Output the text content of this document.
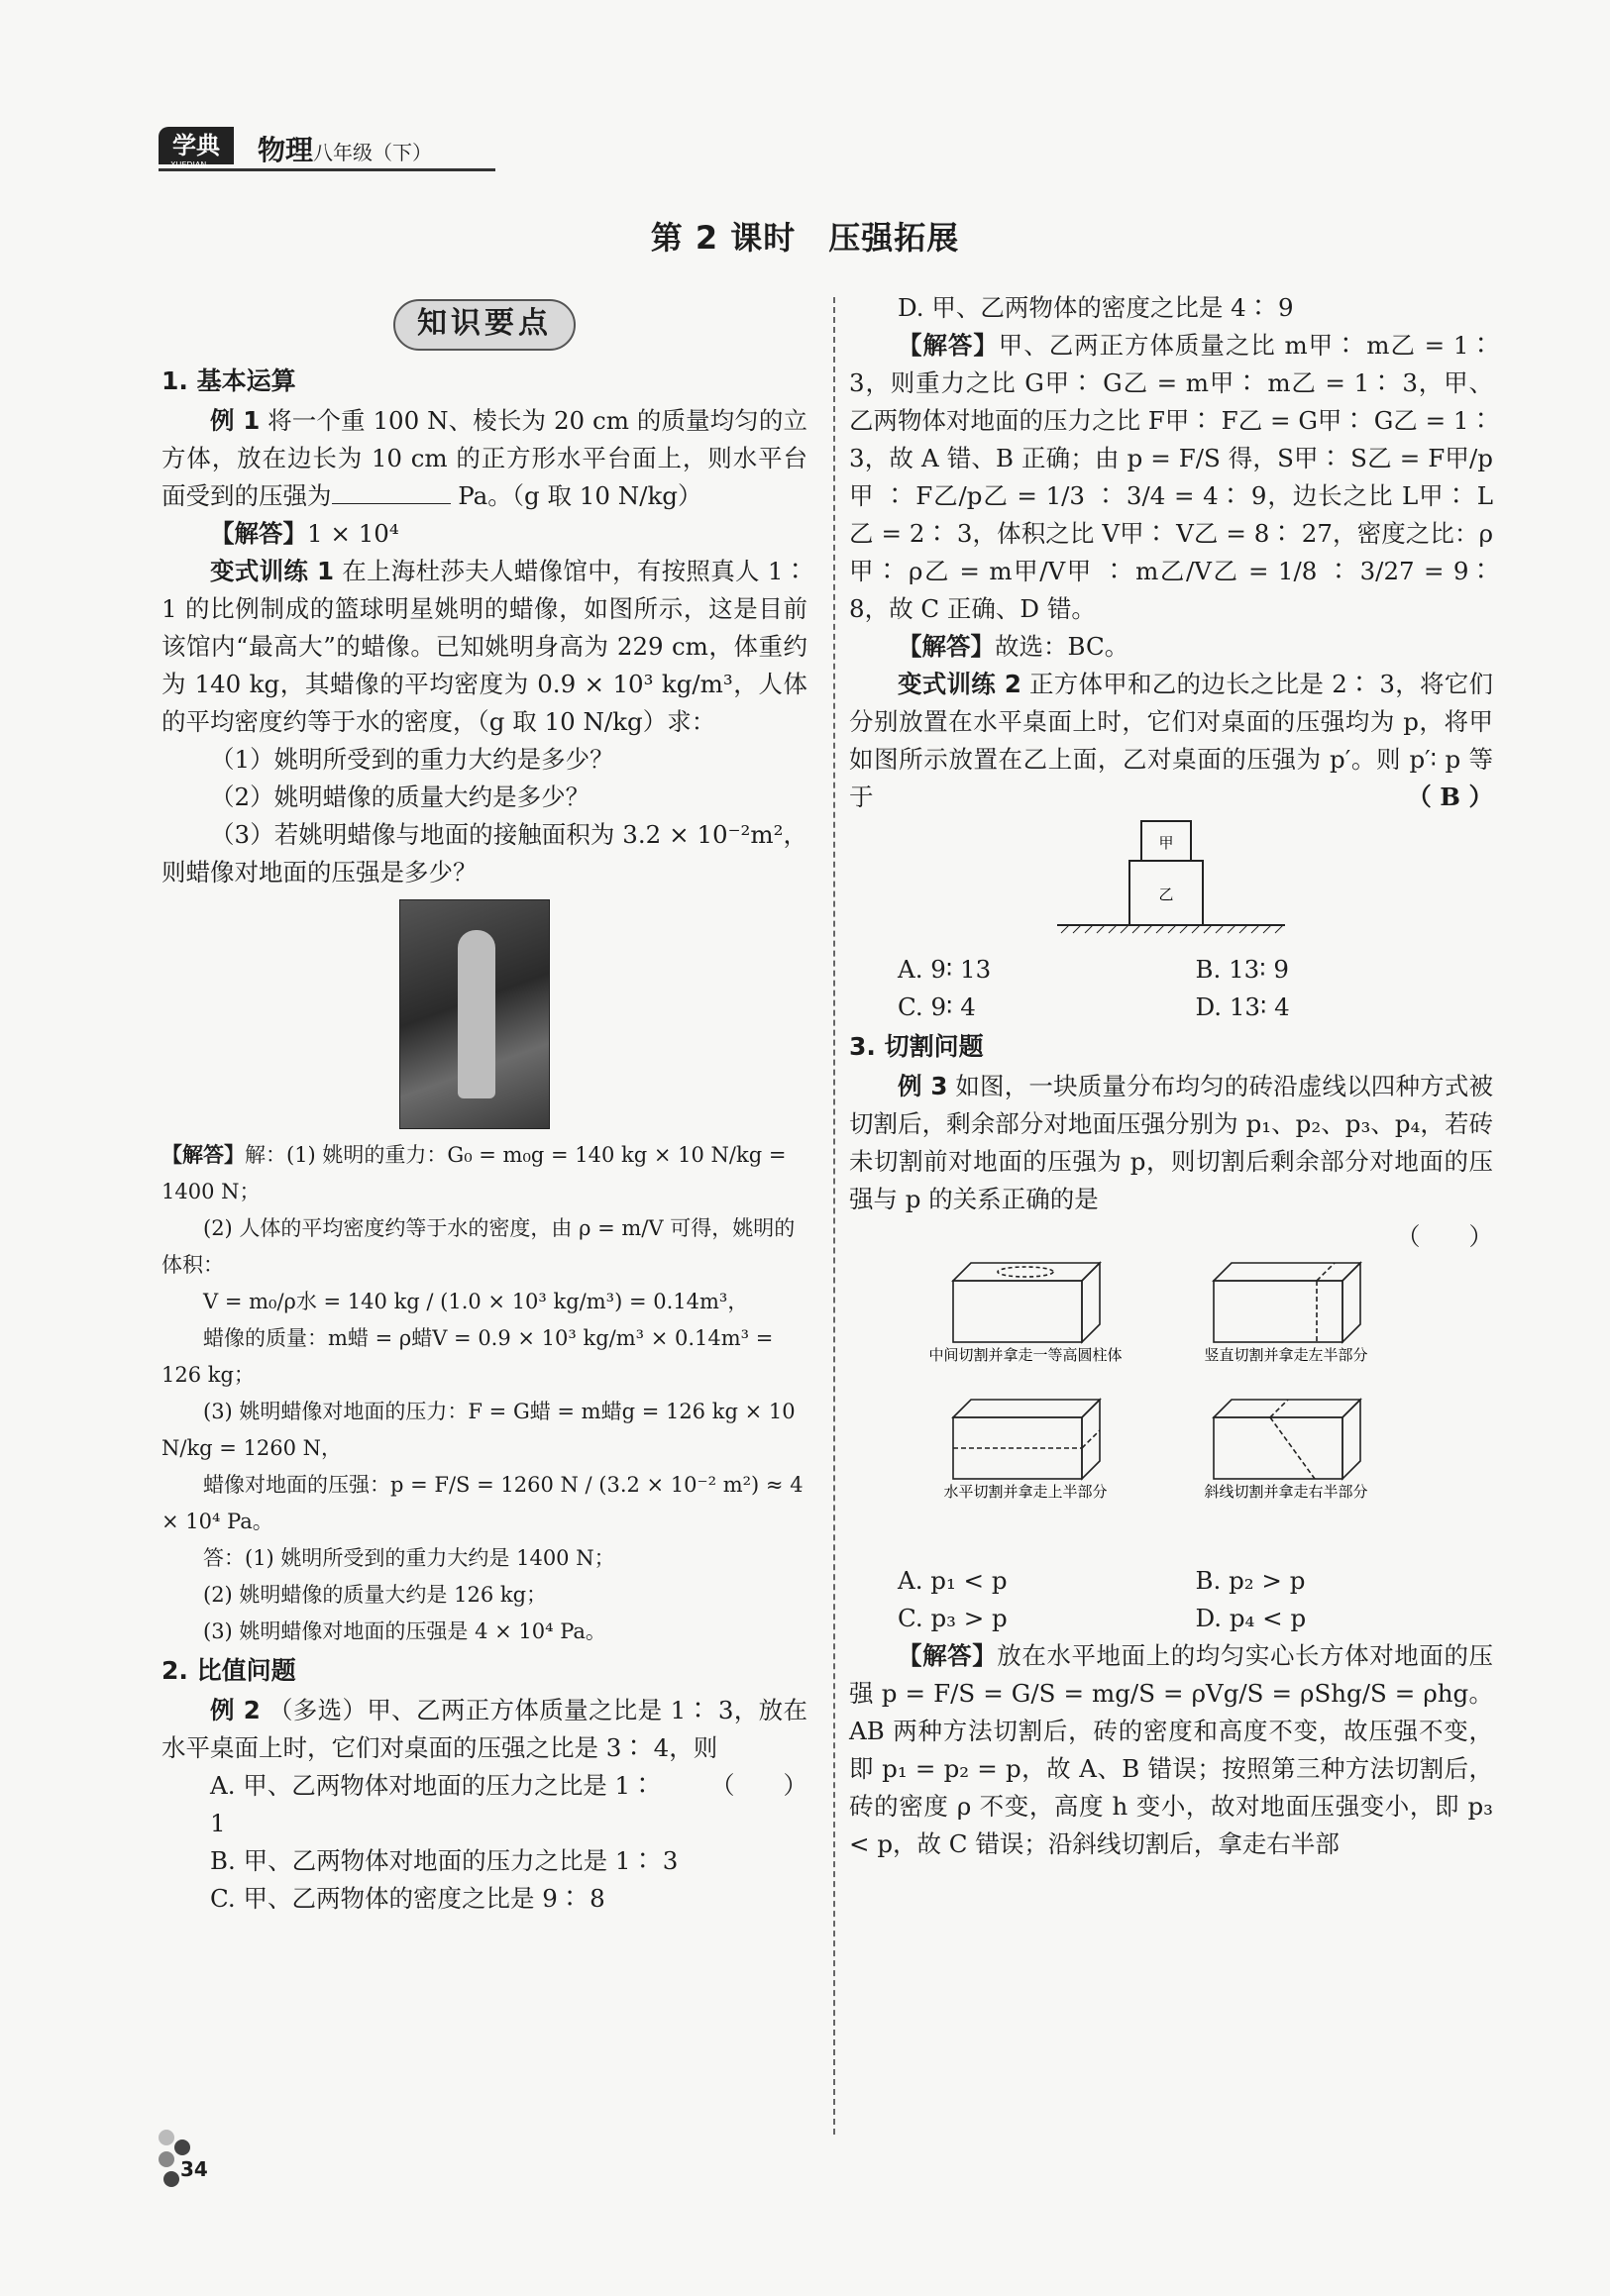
学典
XUEDIAN 物理八年级（下）
第 2 课时　压强拓展
知识要点
1. 基本运算

例 1 将一个重 100 N、棱长为 20 cm 的质量均匀的立方体，放在边长为 10 cm 的正方形水平台面上，则水平台面受到的压强为	Pa。（g 取 10 N/kg）

【解答】1 × 10⁴

变式训练 1 在上海杜莎夫人蜡像馆中，有按照真人 1∶ 1 的比例制成的篮球明星姚明的蜡像，如图所示，这是目前该馆内“最高大”的蜡像。已知姚明身高为 229 cm，体重约为 140 kg，其蜡像的平均密度为 0.9 × 10³ kg/m³，人体的平均密度约等于水的密度，（g 取 10 N/kg）求：

（1）姚明所受到的重力大约是多少？

（2）姚明蜡像的质量大约是多少？

（3）若姚明蜡像与地面的接触面积为 3.2 × 10⁻²m²，则蜡像对地面的压强是多少？

【解答】解：(1) 姚明的重力：G₀ = m₀g = 140 kg × 10 N/kg = 1400 N；

(2) 人体的平均密度约等于水的密度，由 ρ = m/V 可得，姚明的体积：

V = m₀/ρ水 = 140 kg / (1.0 × 10³ kg/m³) = 0.14m³，

蜡像的质量：m蜡 = ρ蜡V = 0.9 × 10³ kg/m³ × 0.14m³ = 126 kg；

(3) 姚明蜡像对地面的压力：F = G蜡 = m蜡g = 126 kg × 10 N/kg = 1260 N，

蜡像对地面的压强：p = F/S = 1260 N / (3.2 × 10⁻² m²) ≈ 4 × 10⁴ Pa。

答：(1) 姚明所受到的重力大约是 1400 N；

(2) 姚明蜡像的质量大约是 126 kg；

(3) 姚明蜡像对地面的压强是 4 × 10⁴ Pa。

2. 比值问题

例 2 （多选）甲、乙两正方体质量之比是 1∶ 3，放在水平桌面上时，它们对桌面的压强之比是 3∶ 4，则
（　　）

A. 甲、乙两物体对地面的压力之比是 1∶ 1

B. 甲、乙两物体对地面的压力之比是 1∶ 3

C. 甲、乙两物体的密度之比是 9∶ 8

D. 甲、乙两物体的密度之比是 4∶ 9

【解答】甲、乙两正方体质量之比 m甲∶ m乙 = 1∶ 3，则重力之比 G甲∶ G乙 = m甲∶ m乙 = 1∶ 3，甲、乙两物体对地面的压力之比 F甲∶ F乙 = G甲∶ G乙 = 1∶ 3，故 A 错、B 正确；由 p = F/S 得，S甲∶ S乙 = F甲/p甲 ∶ F乙/p乙 = 1/3 ∶ 3/4 = 4∶ 9，边长之比 L甲∶ L乙 = 2∶ 3，体积之比 V甲∶ V乙 = 8∶ 27，密度之比：ρ甲∶ ρ乙 = m甲/V甲 ∶ m乙/V乙 = 1/8 ∶ 3/27 = 9∶ 8，故 C 正确、D 错。

【解答】故选：BC。

变式训练 2 正方体甲和乙的边长之比是 2∶ 3，将它们分别放置在水平桌面上时，它们对桌面的压强均为 p，将甲如图所示放置在乙上面，乙对桌面的压强为 p′。则 p′∶ p 等于	（ B ）

甲
乙
A. 9∶ 13	B. 13∶ 9
C. 9∶ 4	D. 13∶ 4
3. 切割问题

例 3 如图，一块质量分布均匀的砖沿虚线以四种方式被切割后，剩余部分对地面压强分别为 p₁、p₂、p₃、p₄，若砖未切割前对地面的压强为 p，则切割后剩余部分对地面的压强与 p 的关系正确的是

（　　）

中间切割并拿走一等高圆柱体	竖直切割并拿走左半部分
水平切割并拿走上半部分	斜线切割并拿走右半部分
A. p₁ < p	B. p₂ > p
C. p₃ > p	D. p₄ < p

【解答】放在水平地面上的均匀实心长方体对地面的压强 p = F/S = G/S = mg/S = ρVg/S = ρShg/S = ρhg。AB 两种方法切割后，砖的密度和高度不变，故压强不变，即 p₁ = p₂ = p，故 A、B 错误；按照第三种方法切割后，砖的密度 ρ 不变，高度 h 变小，故对地面压强变小，即 p₃ < p，故 C 错误；沿斜线切割后，拿走右半部

34
